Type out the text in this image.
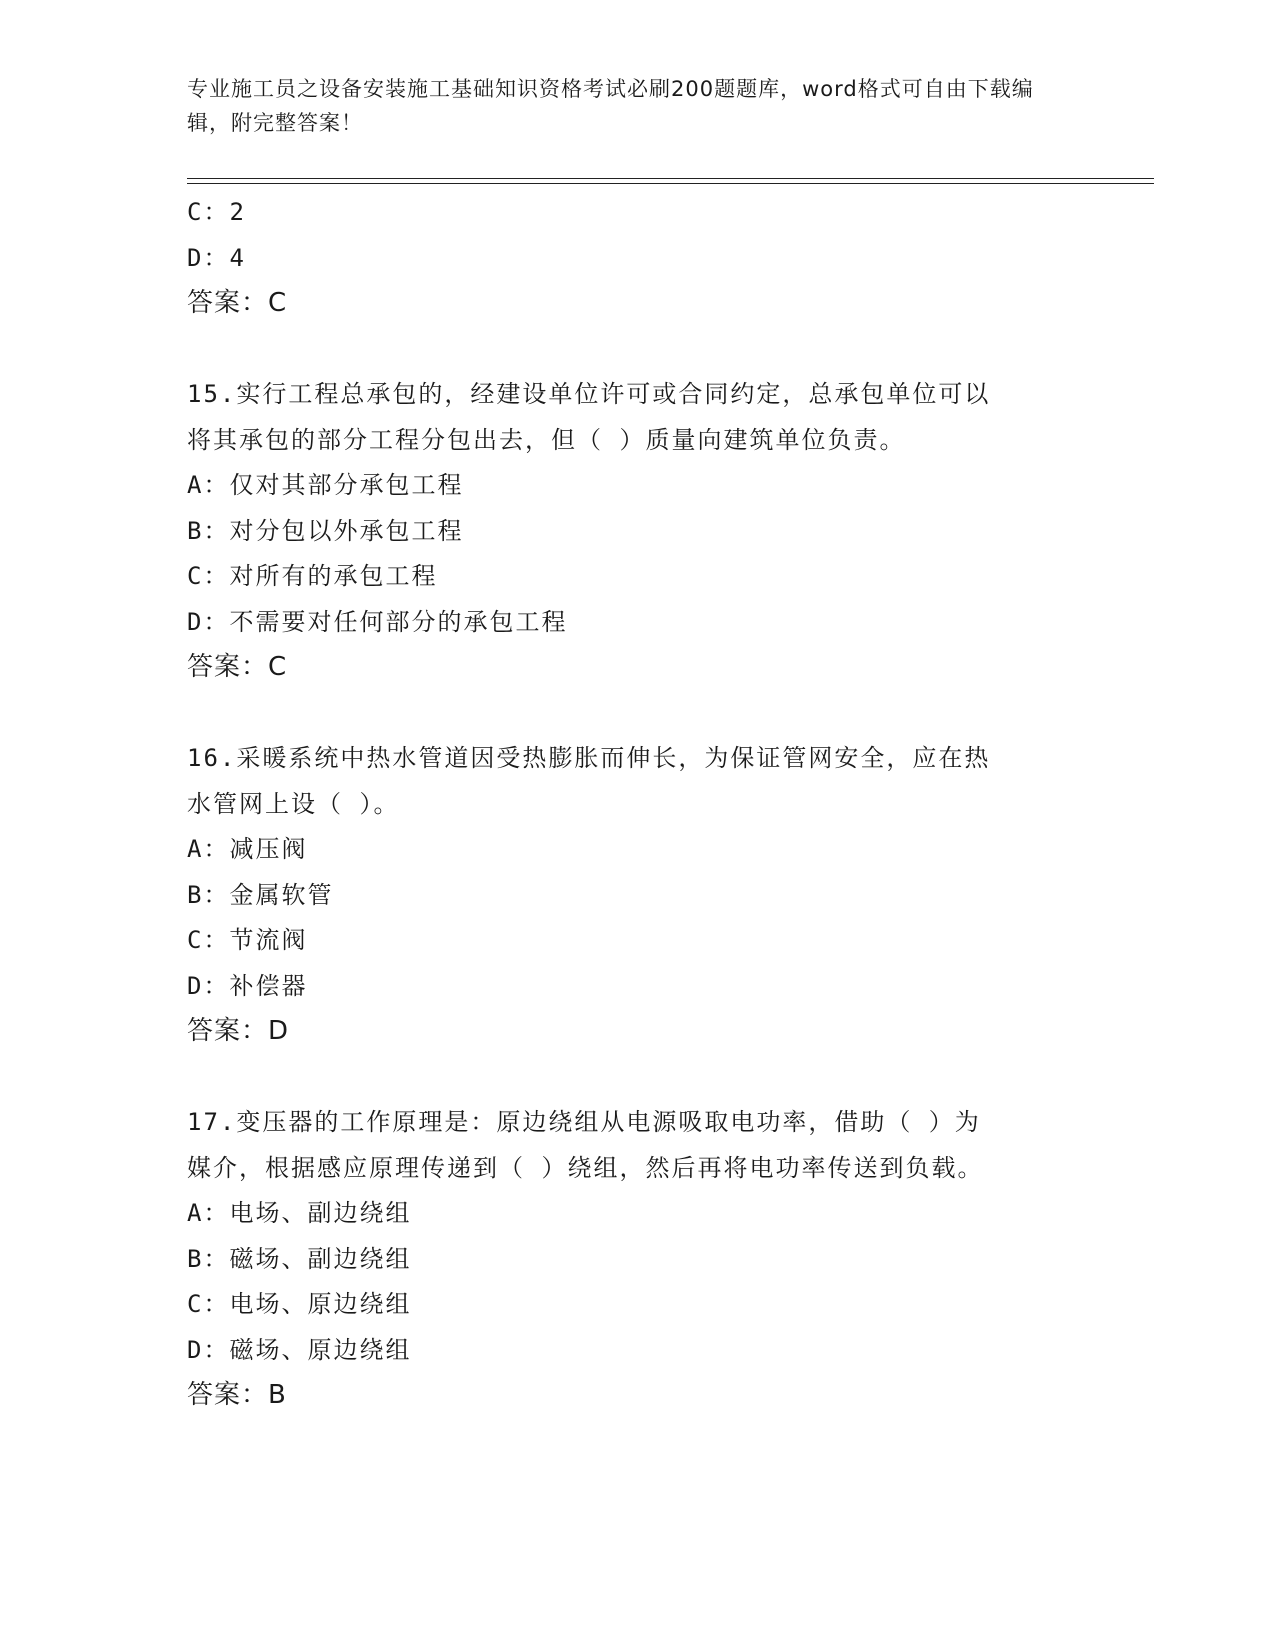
专业施工员之设备安装施工基础知识资格考试必刷200题题库，word格式可自由下载编辑，附完整答案！
C：2
D：4
答案：C
15.实行工程总承包的，经建设单位许可或合同约定，总承包单位可以
将其承包的部分工程分包出去，但（ ）质量向建筑单位负责。
A：仅对其部分承包工程
B：对分包以外承包工程
C：对所有的承包工程
D：不需要对任何部分的承包工程
答案：C
16.采暖系统中热水管道因受热膨胀而伸长，为保证管网安全，应在热
水管网上设（ ）。
A：减压阀
B：金属软管
C：节流阀
D：补偿器
答案：D
17.变压器的工作原理是：原边绕组从电源吸取电功率，借助（ ）为
媒介，根据感应原理传递到（ ）绕组，然后再将电功率传送到负载。
A：电场、副边绕组
B：磁场、副边绕组
C：电场、原边绕组
D：磁场、原边绕组
答案：B
